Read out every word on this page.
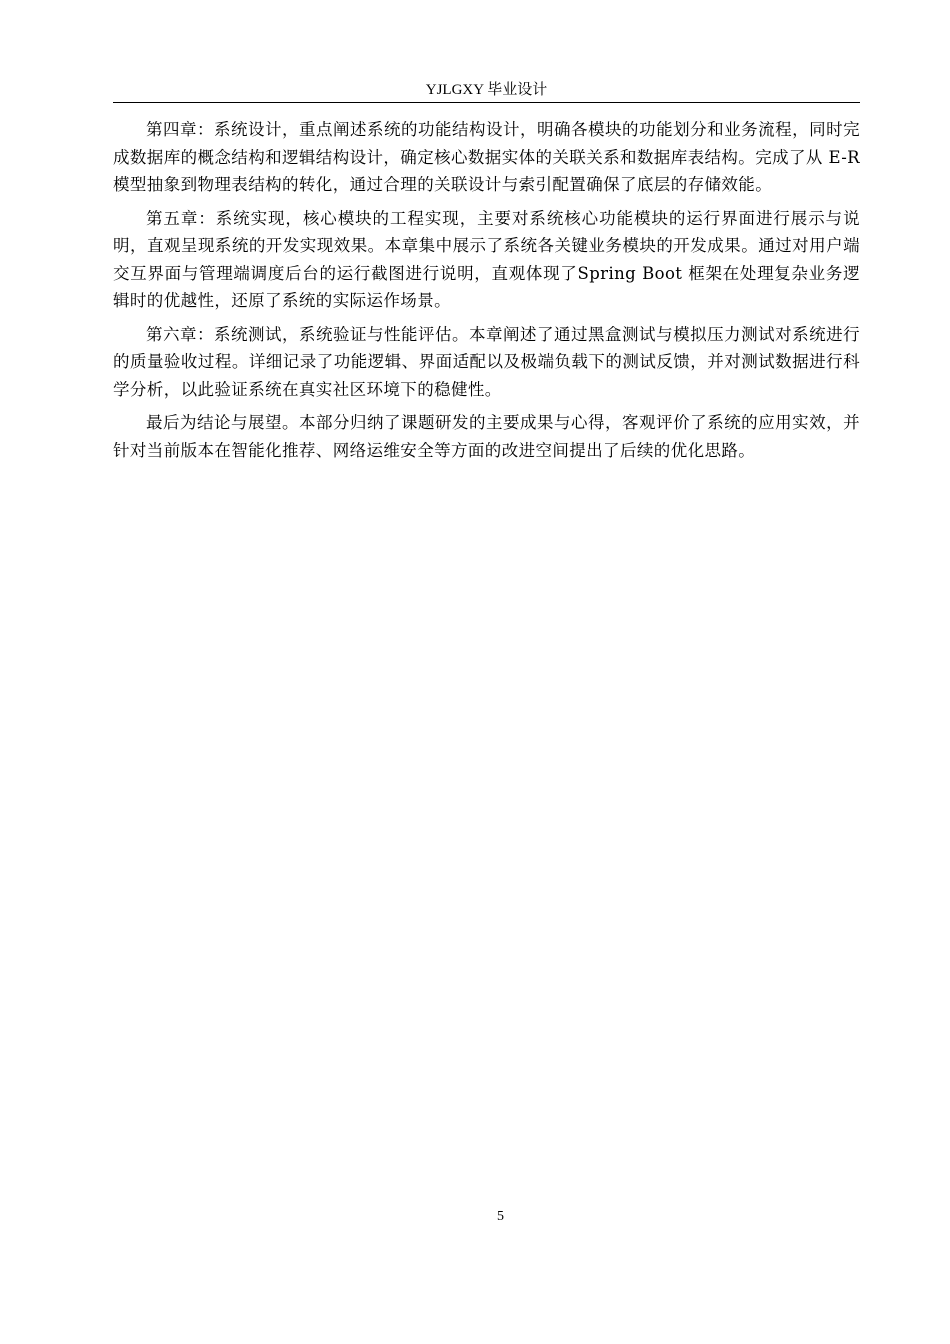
YJLGXY 毕业设计

第四章：系统设计，重点阐述系统的功能结构设计，明确各模块的功能划分和业务流程，同时完成数据库的概念结构和逻辑结构设计，确定核心数据实体的关联关系和数据库表结构。完成了从 E-R 模型抽象到物理表结构的转化，通过合理的关联设计与索引配置确保了底层的存储效能。

第五章：系统实现，核心模块的工程实现，主要对系统核心功能模块的运行界面进行展示与说明，直观呈现系统的开发实现效果。本章集中展示了系统各关键业务模块的开发成果。通过对用户端交互界面与管理端调度后台的运行截图进行说明，直观体现了Spring Boot 框架在处理复杂业务逻辑时的优越性，还原了系统的实际运作场景。

第六章：系统测试，系统验证与性能评估。本章阐述了通过黑盒测试与模拟压力测试对系统进行的质量验收过程。详细记录了功能逻辑、界面适配以及极端负载下的测试反馈，并对测试数据进行科学分析，以此验证系统在真实社区环境下的稳健性。

最后为结论与展望。本部分归纳了课题研发的主要成果与心得，客观评价了系统的应用实效，并针对当前版本在智能化推荐、网络运维安全等方面的改进空间提出了后续的优化思路。

5
